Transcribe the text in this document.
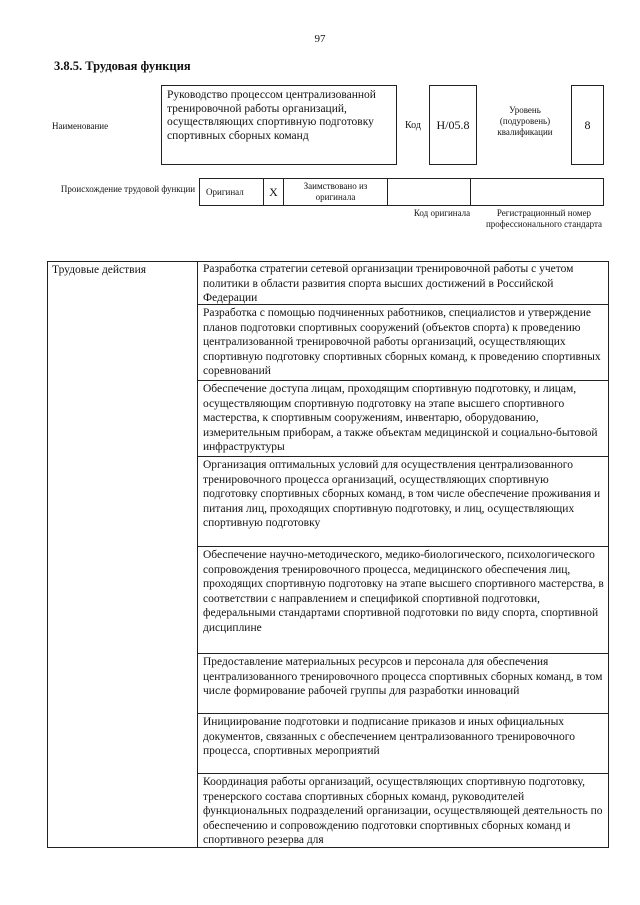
97
3.8.5. Трудовая функция
Наименование
Руководство процессом централизованной тренировочной работы организаций, осуществляющих спортивную подготовку спортивных сборных команд
Код	H/05.8
Уровень (подуровень) квалификации
8
Происхождение трудовой функции	Оригинал	X	Заимствовано из оригинала
Код оригинала	Регистрационный номер профессионального стандарта
Трудовые действия	Разработка стратегии сетевой организации тренировочной работы с учетом политики в области развития спорта высших достижений в Российской Федерации
Разработка с помощью подчиненных работников, специалистов и утверждение планов подготовки спортивных сооружений (объектов спорта) к проведению централизованной тренировочной работы организаций, осуществляющих спортивную подготовку спортивных сборных команд, к проведению спортивных соревнований
Обеспечение доступа лицам, проходящим спортивную подготовку, и лицам, осуществляющим спортивную подготовку на этапе высшего спортивного мастерства, к спортивным сооружениям, инвентарю, оборудованию, измерительным приборам, а также объектам медицинской и социально-бытовой инфраструктуры
Организация оптимальных условий для осуществления централизованного тренировочного процесса организаций, осуществляющих спортивную подготовку спортивных сборных команд, в том числе обеспечение проживания и питания лиц, проходящих спортивную подготовку, и лиц, осуществляющих спортивную подготовку
Обеспечение научно-методического, медико-биологического, психологического сопровождения тренировочного процесса, медицинского обеспечения лиц, проходящих спортивную подготовку на этапе высшего спортивного мастерства, в соответствии с направлением и спецификой спортивной подготовки, федеральными стандартами спортивной подготовки по виду спорта, спортивной дисциплине
Предоставление материальных ресурсов и персонала для обеспечения централизованного тренировочного процесса спортивных сборных команд, в том числе формирование рабочей группы для разработки инноваций
Инициирование подготовки и подписание приказов и иных официальных документов, связанных с обеспечением централизованного тренировочного процесса, спортивных мероприятий
Координация работы организаций, осуществляющих спортивную подготовку, тренерского состава спортивных сборных команд, руководителей функциональных подразделений организации, осуществляющей деятельность по обеспечению и сопровождению подготовки спортивных сборных команд и спортивного резерва для
